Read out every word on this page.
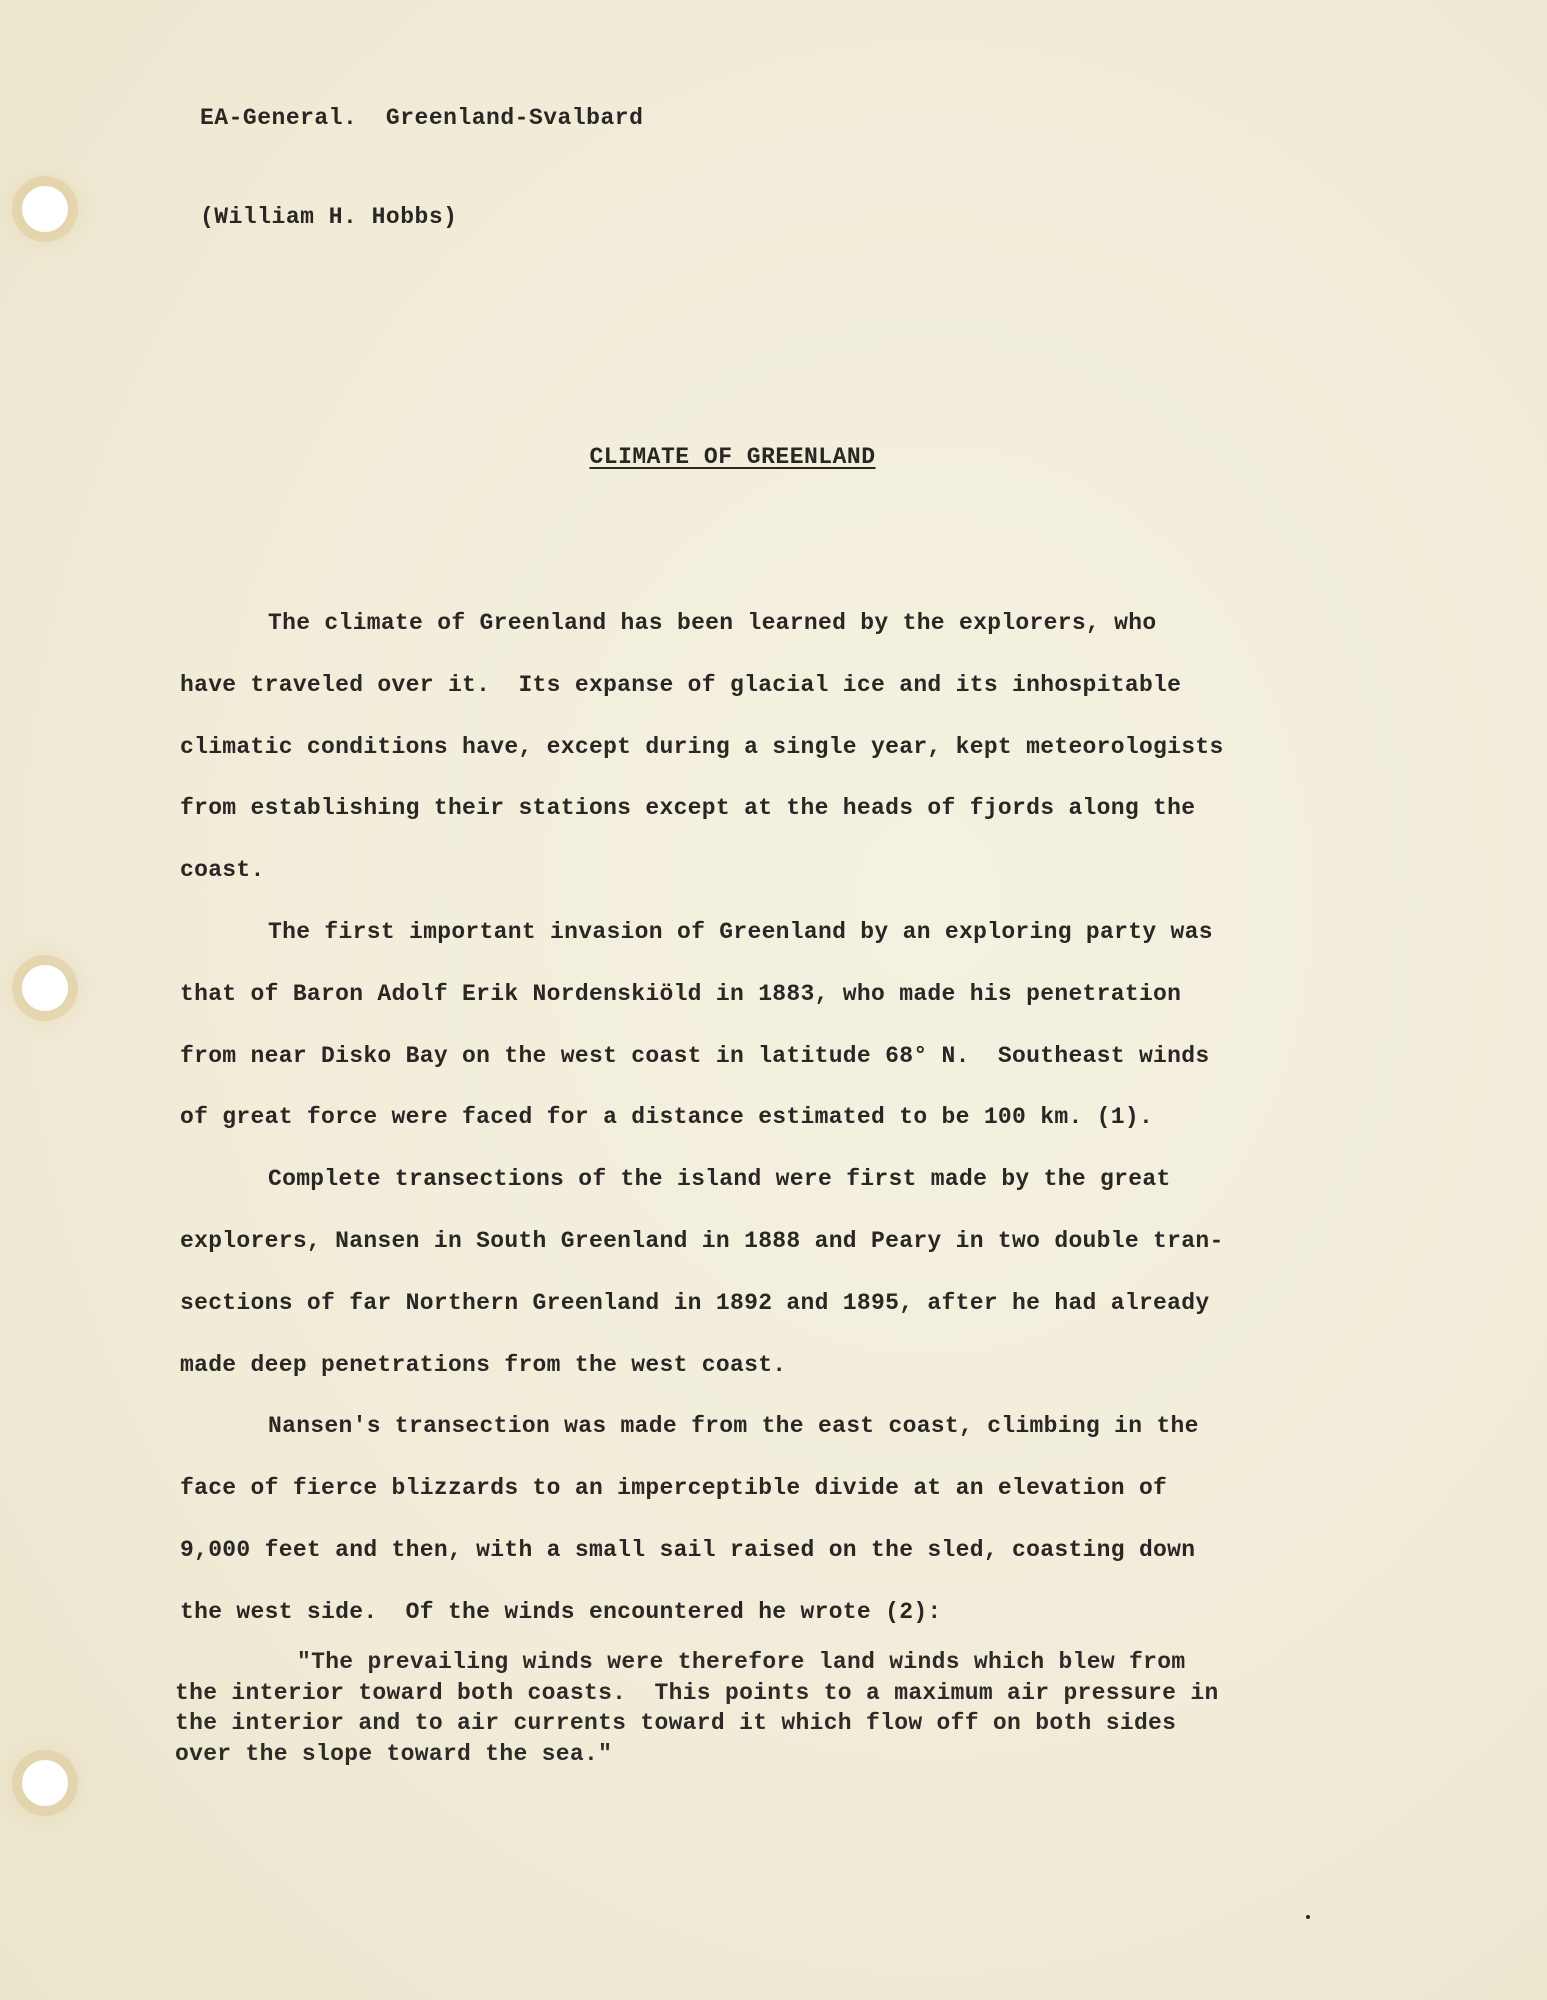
EA-General.  Greenland-Svalbard

(William H. Hobbs)

CLIMATE OF GREENLAND
The climate of Greenland has been learned by the explorers, who
have traveled over it.  Its expanse of glacial ice and its inhospitable
climatic conditions have, except during a single year, kept meteorologists
from establishing their stations except at the heads of fjords along the
coast.
The first important invasion of Greenland by an exploring party was
that of Baron Adolf Erik Nordenskiöld in 1883, who made his penetration
from near Disko Bay on the west coast in latitude 68° N.  Southeast winds
of great force were faced for a distance estimated to be 100 km. (1).
Complete transections of the island were first made by the great
explorers, Nansen in South Greenland in 1888 and Peary in two double tran-
sections of far Northern Greenland in 1892 and 1895, after he had already
made deep penetrations from the west coast.
Nansen's transection was made from the east coast, climbing in the
face of fierce blizzards to an imperceptible divide at an elevation of
9,000 feet and then, with a small sail raised on the sled, coasting down
the west side.  Of the winds encountered he wrote (2):
"The prevailing winds were therefore land winds which blew from
the interior toward both coasts.  This points to a maximum air pressure in
the interior and to air currents toward it which flow off on both sides
over the slope toward the sea."
